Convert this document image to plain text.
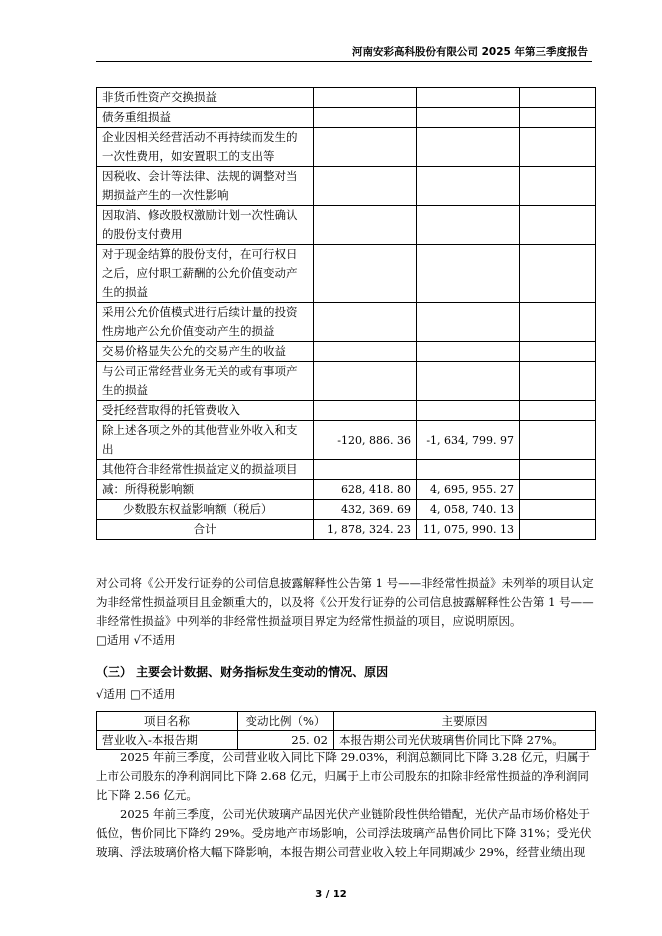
河南安彩高科股份有限公司 2025 年第三季度报告
非货币性资产交换损益			
债务重组损益			
企业因相关经营活动不再持续而发生的一次性费用，如安置职工的支出等			
因税收、会计等法律、法规的调整对当期损益产生的一次性影响			
因取消、修改股权激励计划一次性确认的股份支付费用			
对于现金结算的股份支付，在可行权日之后，应付职工薪酬的公允价值变动产生的损益			
采用公允价值模式进行后续计量的投资性房地产公允价值变动产生的损益			
交易价格显失公允的交易产生的收益			
与公司正常经营业务无关的或有事项产生的损益			
受托经营取得的托管费收入			
除上述各项之外的其他营业外收入和支出	-120, 886. 36	-1, 634, 799. 97	
其他符合非经常性损益定义的损益项目			
减：所得税影响额	628, 418. 80	4, 695, 955. 27	
少数股东权益影响额（税后）	432, 369. 69	4, 058, 740. 13	
合计	1, 878, 324. 23	11, 075, 990. 13	
对公司将《公开发行证券的公司信息披露解释性公告第 1 号——非经常性损益》未列举的项目认定为非经常性损益项目且金额重大的，以及将《公开发行证券的公司信息披露解释性公告第 1 号——非经常性损益》中列举的非经常性损益项目界定为经常性损益的项目，应说明原因。
□适用 √不适用
（三） 主要会计数据、财务指标发生变动的情况、原因
√适用 □不适用
项目名称	变动比例（%）	主要原因
营业收入-本报告期	25. 02	本报告期公司光伏玻璃售价同比下降 27%。
2025 年前三季度，公司营业收入同比下降 29.03%，利润总额同比下降 3.28 亿元，归属于上市公司股东的净利润同比下降 2.68 亿元，归属于上市公司股东的扣除非经常性损益的净利润同比下降 2.56 亿元。
2025 年前三季度，公司光伏玻璃产品因光伏产业链阶段性供给错配，光伏产品市场价格处于低位，售价同比下降约 29%。受房地产市场影响，公司浮法玻璃产品售价同比下降 31%；受光伏玻璃、浮法玻璃价格大幅下降影响，本报告期公司营业收入较上年同期减少 29%，经营业绩出现
3 / 12
